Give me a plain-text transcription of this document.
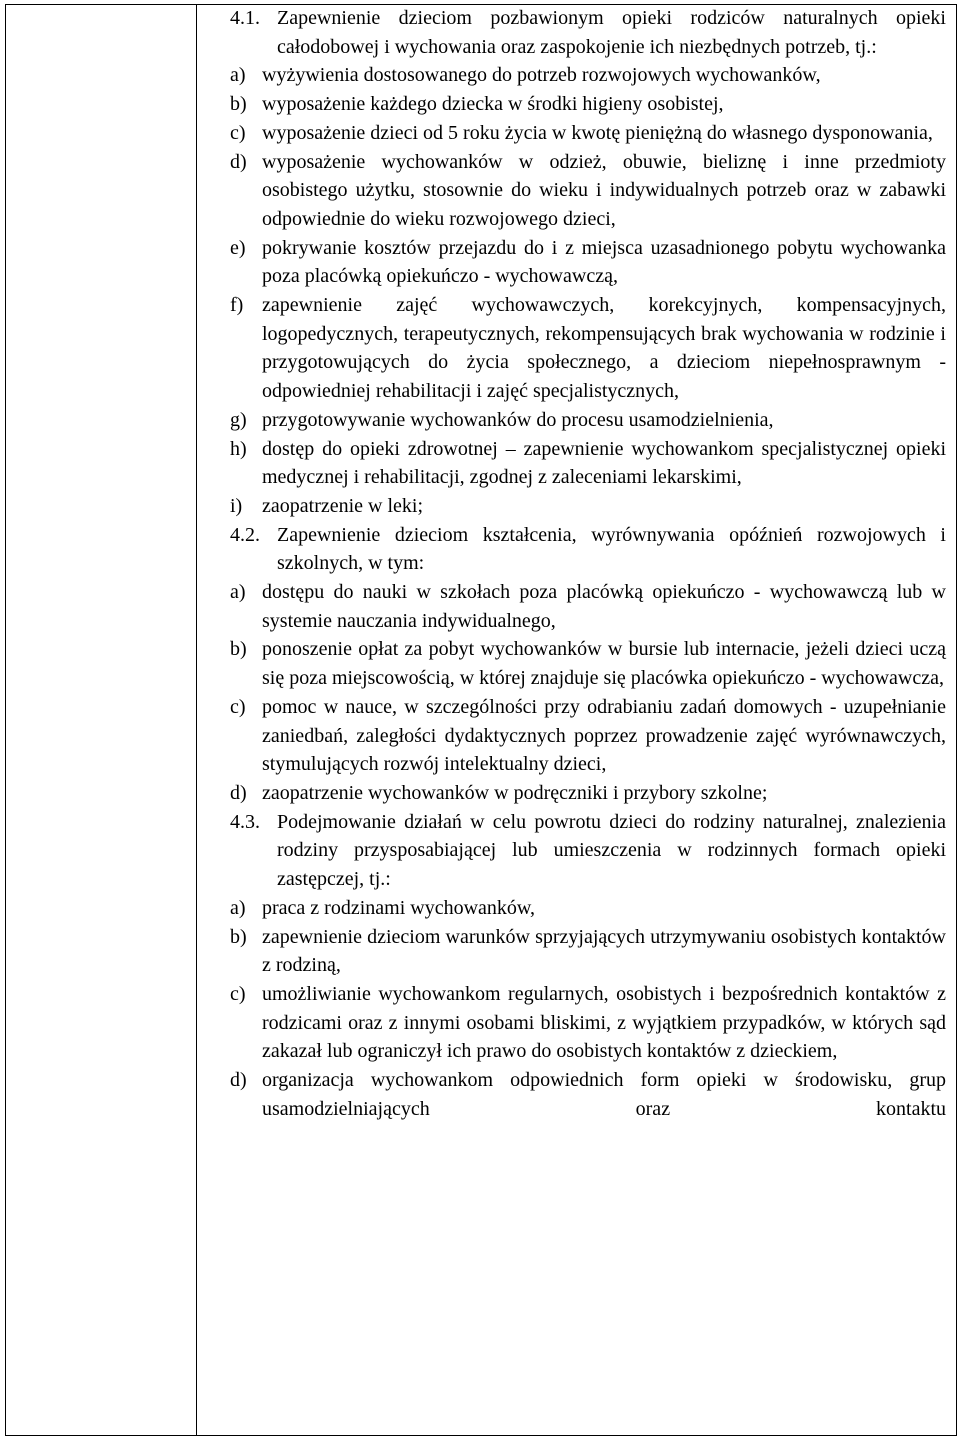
4.1. Zapewnienie dzieciom pozbawionym opieki rodziców naturalnych opieki całodobowej i wychowania oraz zaspokojenie ich niezbędnych potrzeb, tj.:
a) wyżywienia dostosowanego do potrzeb rozwojowych wychowanków,
b) wyposażenie każdego dziecka w środki higieny osobistej,
c) wyposażenie dzieci od 5 roku życia w kwotę pieniężną do własnego dysponowania,
d) wyposażenie wychowanków w odzież, obuwie, bieliznę i inne przedmioty osobistego użytku, stosownie do wieku i indywidualnych potrzeb oraz w zabawki odpowiednie do wieku rozwojowego dzieci,
e) pokrywanie kosztów przejazdu do i z miejsca uzasadnionego pobytu wychowanka poza placówką opiekuńczo - wychowawczą,
f) zapewnienie zajęć wychowawczych, korekcyjnych, kompensacyjnych, logopedycznych, terapeutycznych, rekompensujących brak wychowania w rodzinie i przygotowujących do życia społecznego, a dzieciom niepełnosprawnym - odpowiedniej rehabilitacji i zajęć specjalistycznych,
g) przygotowywanie wychowanków do procesu usamodzielnienia,
h) dostęp do opieki zdrowotnej – zapewnienie wychowankom specjalistycznej opieki medycznej i rehabilitacji, zgodnej z zaleceniami lekarskimi,
i) zaopatrzenie w leki;
4.2. Zapewnienie dzieciom kształcenia, wyrównywania opóźnień rozwojowych i szkolnych, w tym:
a) dostępu do nauki w szkołach poza placówką opiekuńczo - wychowawczą lub w systemie nauczania indywidualnego,
b) ponoszenie opłat za pobyt wychowanków w bursie lub internacie, jeżeli dzieci uczą się poza miejscowością, w której znajduje się placówka opiekuńczo - wychowawcza,
c) pomoc w nauce, w szczególności przy odrabianiu zadań domowych - uzupełnianie zaniedbań, zaległości dydaktycznych poprzez prowadzenie zajęć wyrównawczych, stymulujących rozwój intelektualny dzieci,
d) zaopatrzenie wychowanków w podręczniki i przybory szkolne;
4.3. Podejmowanie działań w celu powrotu dzieci do rodziny naturalnej, znalezienia rodziny przysposabiającej lub umieszczenia w rodzinnych formach opieki zastępczej, tj.:
a) praca z rodzinami wychowanków,
b) zapewnienie dzieciom warunków sprzyjających utrzymywaniu osobistych kontaktów z rodziną,
c) umożliwianie wychowankom regularnych, osobistych i bezpośrednich kontaktów z rodzicami oraz z innymi osobami bliskimi, z wyjątkiem przypadków, w których sąd zakazał lub ograniczył ich prawo do osobistych kontaktów z dzieckiem,
d) organizacja wychowankom odpowiednich form opieki w środowisku, grup usamodzielniających oraz kontaktu
